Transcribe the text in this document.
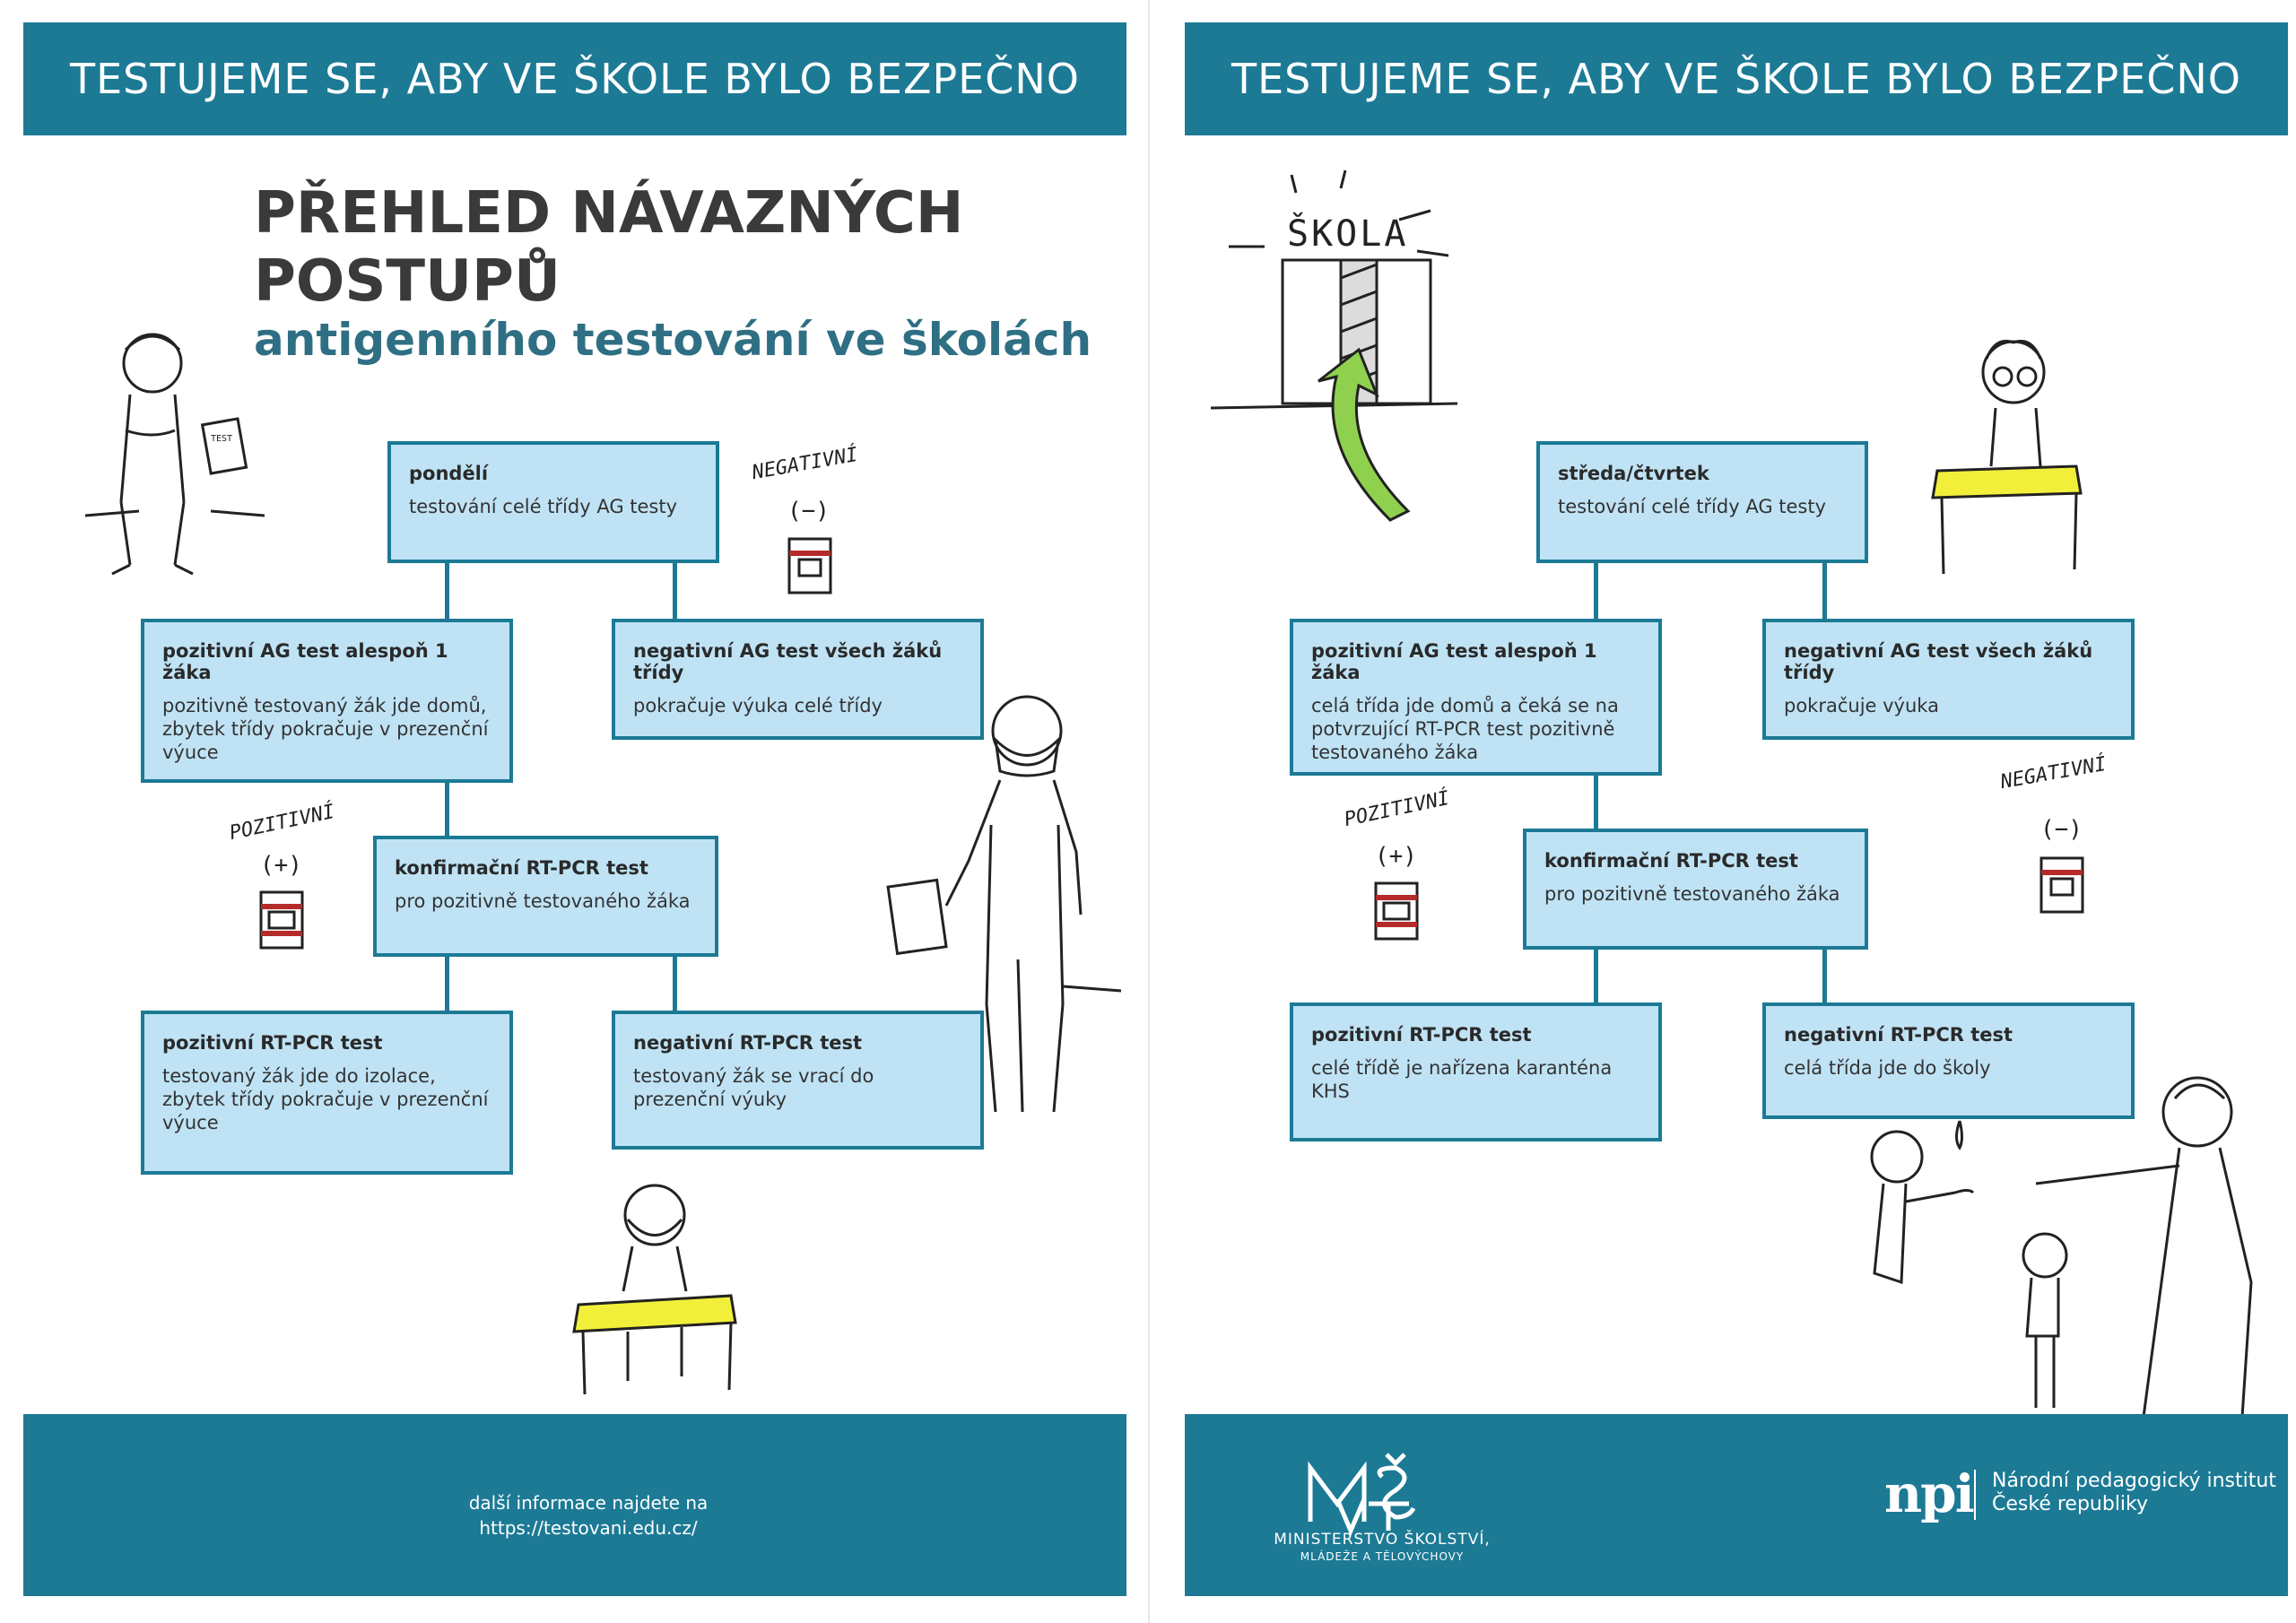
TESTUJEME SE, ABY VE ŠKOLE BYLO BEZPEČNO
PŘEHLED NÁVAZNÝCH
POSTUPŮ
antigenního testování ve školách
TEST
pondělí
testování celé třídy AG testy
pozitivní AG test alespoň 1 žáka
pozitivně testovaný žák jde domů, zbytek třídy pokračuje v prezenční výuce
negativní AG test všech žáků třídy
pokračuje výuka celé třídy
konfirmační RT-PCR test
pro pozitivně testovaného žáka
pozitivní RT-PCR test
testovaný žák jde do izolace, zbytek třídy pokračuje v prezenční výuce
negativní RT-PCR test
testovaný žák se vrací do prezenční výuky
NEGATIVNÍ
(−)
POZITIVNÍ
(+)
další informace najdete na
https://testovani.edu.cz/
TESTUJEME SE, ABY VE ŠKOLE BYLO BEZPEČNO
ŠKOLA
středa/čtvrtek
testování celé třídy AG testy
pozitivní AG test alespoň 1 žáka
celá třída jde domů a čeká se na potvrzující RT-PCR test pozitivně testovaného žáka
negativní AG test všech žáků třídy
pokračuje výuka
konfirmační RT-PCR test
pro pozitivně testovaného žáka
pozitivní RT-PCR test
celé třídě je nařízena karanténa KHS
negativní RT-PCR test
celá třída jde do školy
POZITIVNÍ
(+)
NEGATIVNÍ
(−)
MINISTERSTVO ŠKOLSTVÍ,
MLÁDEŽE A TĚLOVÝCHOVY
npi Národní pedagogický institut
České republiky
